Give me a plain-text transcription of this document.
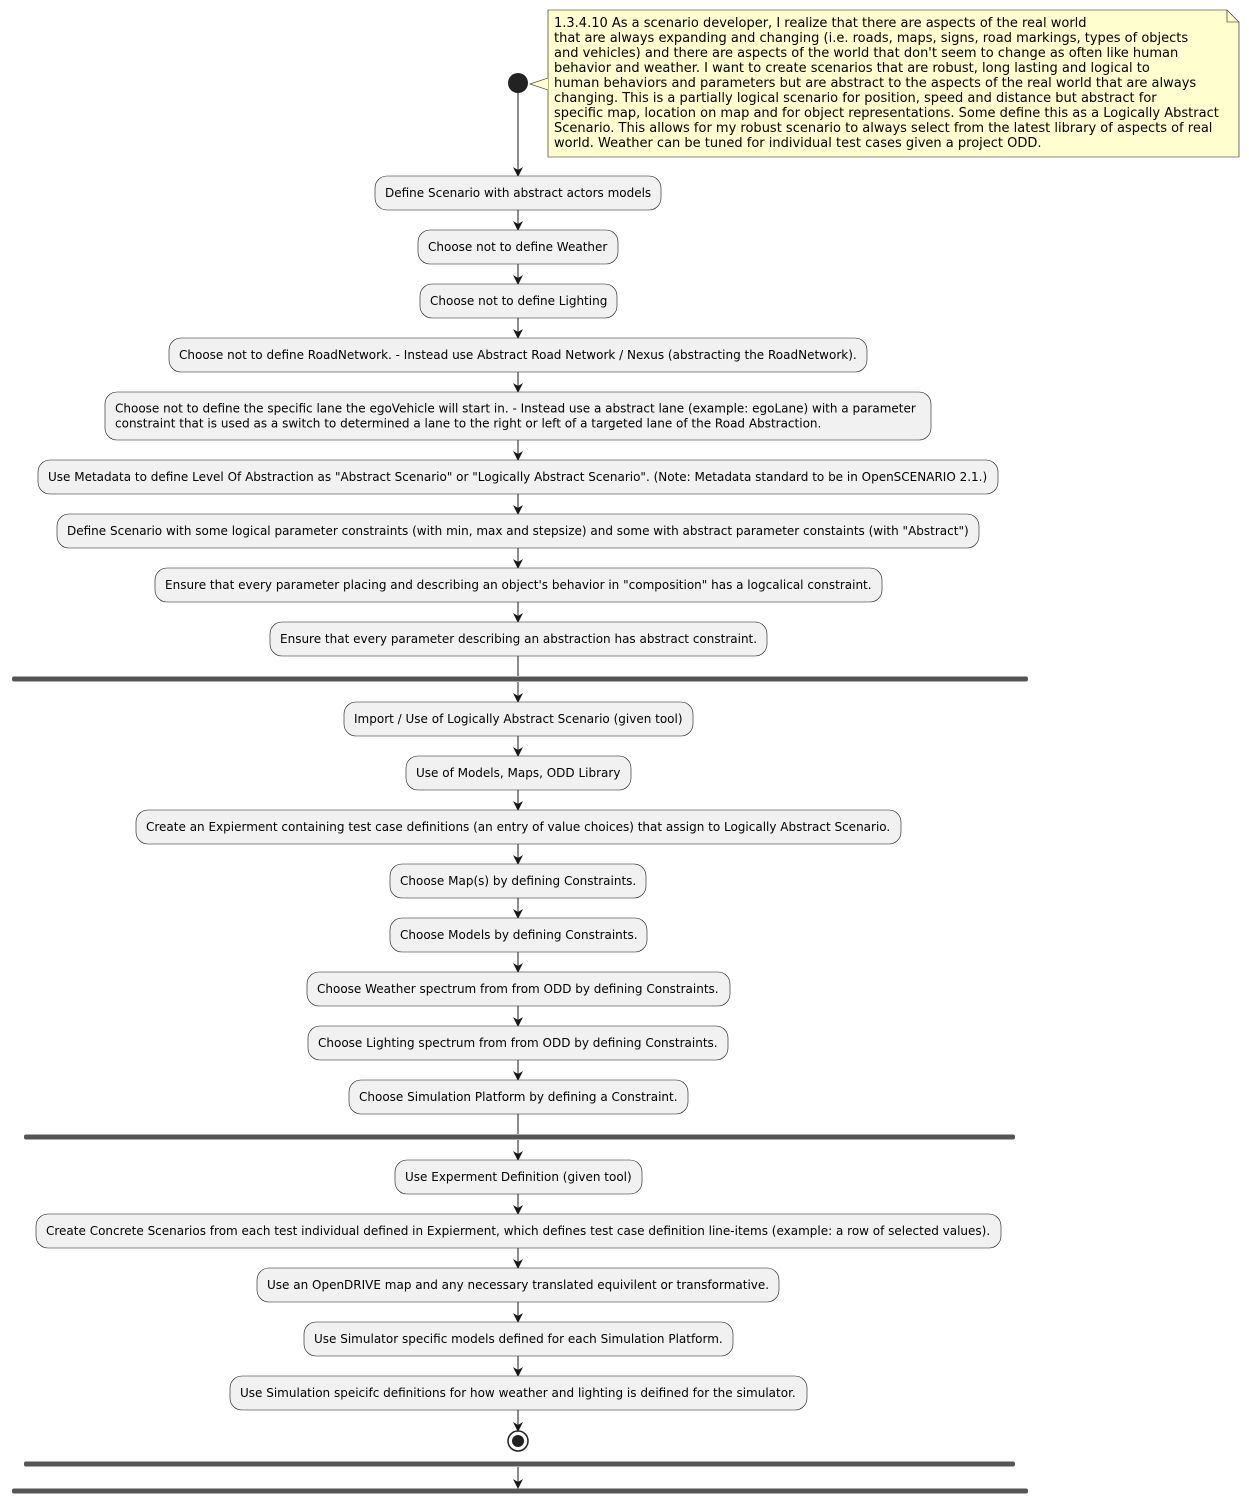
1.3.4.10 As a scenario developer, I realize that there are aspects of the real world
that are always expanding and changing (i.e. roads, maps, signs, road markings, types of objects
and vehicles) and there are aspects of the world that don't seem to change as often like human
behavior and weather. I want to create scenarios that are robust, long lasting and logical to
human behaviors and parameters but are abstract to the aspects of the real world that are always
changing. This is a partially logical scenario for position, speed and distance but abstract for
specific map, location on map and for object representations. Some define this as a Logically Abstract
Scenario. This allows for my robust scenario to always select from the latest library of aspects of real
world. Weather can be tuned for individual test cases given a project ODD.
Define Scenario with abstract actors models
Choose not to define Weather
Choose not to define Lighting
Choose not to define RoadNetwork. - Instead use Abstract Road Network / Nexus (abstracting the RoadNetwork).
Choose not to define the specific lane the egoVehicle will start in. - Instead use a abstract lane (example: egoLane) with a parameter
constraint that is used as a switch to determined a lane to the right or left of a targeted lane of the Road Abstraction.
Use Metadata to define Level Of Abstraction as "Abstract Scenario" or "Logically Abstract Scenario". (Note: Metadata standard to be in OpenSCENARIO 2.1.)
Define Scenario with some logical parameter constraints (with min, max and stepsize) and some with abstract parameter constaints (with "Abstract")
Ensure that every parameter placing and describing an object's behavior in "composition" has a logcalical constraint.
Ensure that every parameter describing an abstraction has abstract constraint.
Import / Use of Logically Abstract Scenario (given tool)
Use of Models, Maps, ODD Library
Create an Expierment containing test case definitions (an entry of value choices) that assign to Logically Abstract Scenario.
Choose Map(s) by defining Constraints.
Choose Models by defining Constraints.
Choose Weather spectrum from from ODD by defining Constraints.
Choose Lighting spectrum from from ODD by defining Constraints.
Choose Simulation Platform by defining a Constraint.
Use Experment Definition (given tool)
Create Concrete Scenarios from each test individual defined in Expierment, which defines test case definition line-items (example: a row of selected values).
Use an OpenDRIVE map and any necessary translated equivilent or transformative.
Use Simulator specific models defined for each Simulation Platform.
Use Simulation speicifc definitions for how weather and lighting is deifined for the simulator.
